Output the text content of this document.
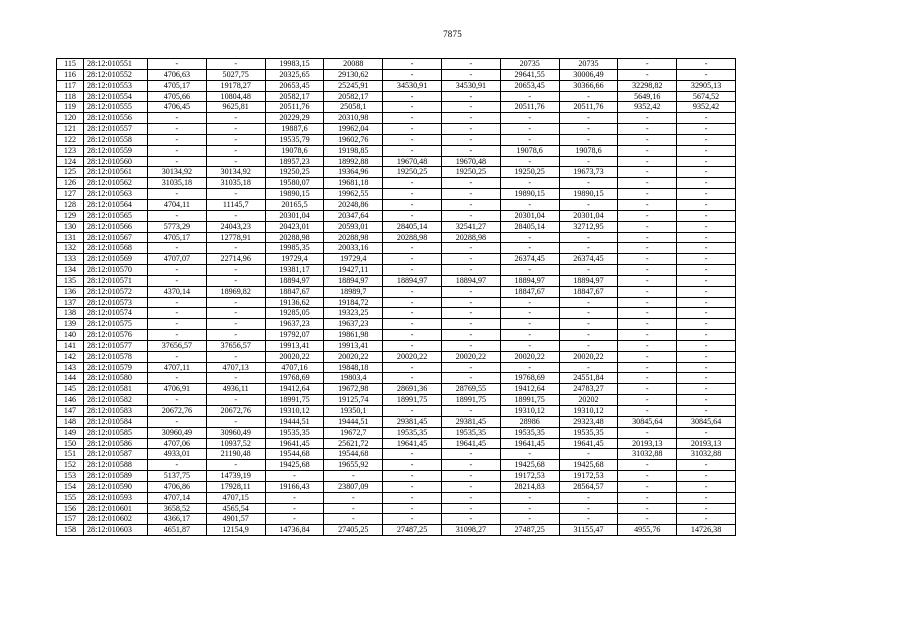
7875
115	28:12:010551	-	-	19983,15	20088	-	-	20735	20735	-	-
116	28:12:010552	4706,63	5027,75	20325,65	29130,62	-	-	29641,55	30006,49	-	-
117	28:12:010553	4705,17	19178,27	20653,45	25245,91	34530,91	34530,91	20653,45	30366,66	32298,82	32905,13
118	28:12:010554	4705,66	10804,48	20582,17	20582,17	-	-	-	-	5649,16	5674,52
119	28:12:010555	4706,45	9625,81	20511,76	25058,1	-	-	20511,76	20511,76	9352,42	9352,42
120	28:12:010556	-	-	20229,29	20310,98	-	-	-	-	-	-
121	28:12:010557	-	-	19887,6	19962,04	-	-	-	-	-	-
122	28:12:010558	-	-	19535,79	19602,76	-	-	-	-	-	-
123	28:12:010559	-	-	19078,6	19198,85	-	-	19078,6	19078,6	-	-
124	28:12:010560	-	-	18957,23	18992,88	19670,48	19670,48	-	-	-	-
125	28:12:010561	30134,92	30134,92	19250,25	19364,96	19250,25	19250,25	19250,25	19673,73	-	-
126	28:12:010562	31035,18	31035,18	19580,07	19681,18	-	-	-	-	-	-
127	28:12:010563	-	-	19890,15	19962,55	-	-	19890,15	19890,15	-	-
128	28:12:010564	4704,11	11145,7	20165,5	20248,86	-	-	-	-	-	-
129	28:12:010565	-	-	20301,04	20347,64	-	-	20301,04	20301,04	-	-
130	28:12:010566	5773,29	24043,23	20423,01	20593,01	28405,14	32541,27	28405,14	32712,95	-	-
131	28:12:010567	4705,17	12778,91	20288,98	20288,98	20288,98	20288,98	-	-	-	-
132	28:12:010568	-	-	19985,35	20033,16	-	-	-	-	-	-
133	28:12:010569	4707,07	22714,96	19729,4	19729,4	-	-	26374,45	26374,45	-	-
134	28:12:010570	-	-	19381,17	19427,11	-	-	-	-	-	-
135	28:12:010571	-	-	18894,97	18894,97	18894,97	18894,97	18894,97	18894,97	-	-
136	28:12:010572	4370,14	18969,82	18847,67	18989,7	-	-	18847,67	18847,67	-	-
137	28:12:010573	-	-	19136,62	19184,72	-	-	-	-	-	-
138	28:12:010574	-	-	19285,05	19323,25	-	-	-	-	-	-
139	28:12:010575	-	-	19637,23	19637,23	-	-	-	-	-	-
140	28:12:010576	-	-	19792,07	19861,98	-	-	-	-	-	-
141	28:12:010577	37656,57	37656,57	19913,41	19913,41	-	-	-	-	-	-
142	28:12:010578	-	-	20020,22	20020,22	20020,22	20020,22	20020,22	20020,22	-	-
143	28:12:010579	4707,11	4707,13	4707,16	19848,18	-	-	-	-	-	-
144	28:12:010580	-	-	19768,69	19803,4	-	-	19768,69	24551,84	-	-
145	28:12:010581	4706,91	4936,11	19412,64	19672,98	28691,36	28769,55	19412,64	24783,27	-	-
146	28:12:010582	-	-	18991,75	19125,74	18991,75	18991,75	18991,75	20202	-	-
147	28:12:010583	20672,76	20672,76	19310,12	19350,1	-	-	19310,12	19310,12	-	-
148	28:12:010584	-	-	19444,51	19444,51	29381,45	29381,45	28986	29323,48	30845,64	30845,64
149	28:12:010585	30960,49	30960,49	19535,35	19672,7	19535,35	19535,35	19535,35	19535,35	-	-
150	28:12:010586	4707,06	10937,52	19641,45	25621,72	19641,45	19641,45	19641,45	19641,45	20193,13	20193,13
151	28:12:010587	4933,01	21190,48	19544,68	19544,68	-	-	-	-	31032,88	31032,88
152	28:12:010588	-	-	19425,68	19655,92	-	-	19425,68	19425,68	-	-
153	28:12:010589	5137,75	14739,19	-	-	-	-	19172,53	19172,53	-	-
154	28:12:010590	4706,86	17928,11	19166,43	23807,09	-	-	28214,83	28564,57	-	-
155	28:12:010593	4707,14	4707,15	-	-	-	-	-	-	-	-
156	28:12:010601	3658,52	4565,54	-	-	-	-	-	-	-	-
157	28:12:010602	4366,17	4901,57	-	-	-	-	-	-	-	-
158	28:12:010603	4651,87	12154,9	14736,84	27405,25	27487,25	31098,27	27487,25	31155,47	4955,76	14726,38
